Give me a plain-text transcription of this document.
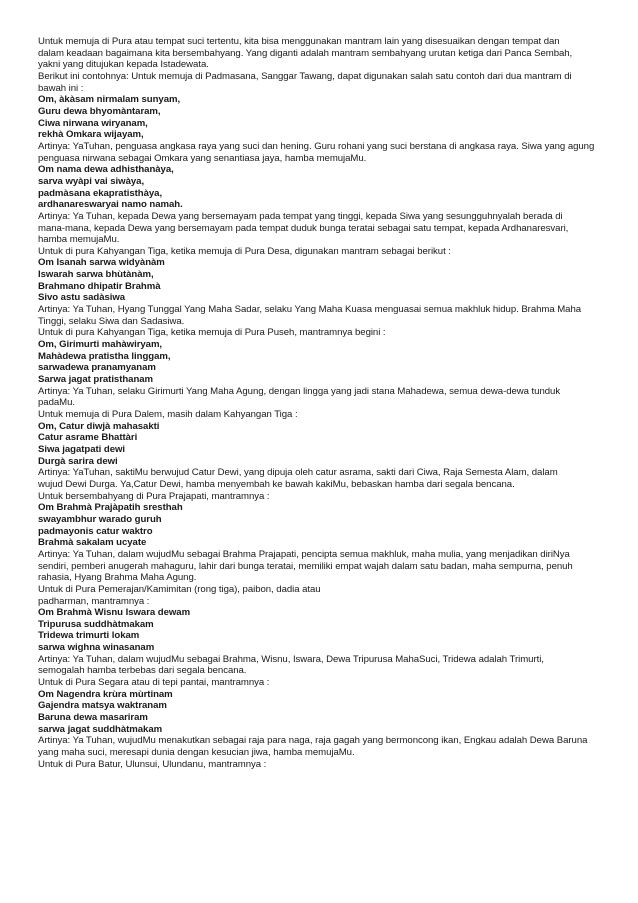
Untuk memuja di Pura atau tempat suci tertentu, kita bisa menggunakan mantram lain yang disesuaikan dengan tempat dan

dalam keadaan bagaimana kita bersembahyang. Yang diganti adalah mantram sembahyang urutan ketiga dari Panca Sembah,

yakni yang ditujukan kepada Istadewata.

Berikut ini contohnya: Untuk memuja di Padmasana, Sanggar Tawang, dapat digunakan salah satu contoh dari dua mantram di

bawah ini :

Om, àkàsam nirmalam sunyam,

Guru dewa bhyomàntaram,

Ciwa nirwana wiryanam,

rekhà Omkara wijayam,

Artinya: YaTuhan, penguasa angkasa raya yang suci dan hening. Guru rohani yang suci berstana di angkasa raya. Siwa yang agung

penguasa nirwana sebagai Omkara yang senantiasa jaya, hamba memujaMu.

Om nama dewa adhisthanàya,

sarva wyàpi vai siwàya,

padmàsana ekapratisthàya,

ardhanareswaryai namo namah.

Artinya: Ya Tuhan, kepada Dewa yang bersemayam pada tempat yang tinggi, kepada Siwa yang sesungguhnyalah berada di

mana-mana, kepada Dewa yang bersemayam pada tempat duduk bunga teratai sebagai satu tempat, kepada Ardhanaresvari,

hamba memujaMu.

Untuk di pura Kahyangan Tiga, ketika memuja di Pura Desa, digunakan mantram sebagai berikut :

Om Isanah sarwa widyànàm

Iswarah sarwa bhùtànàm,

Brahmano dhipatir Brahmà

Sivo astu sadàsiwa

Artinya: Ya Tuhan, Hyang Tunggal Yang Maha Sadar, selaku Yang Maha Kuasa menguasai semua makhluk hidup. Brahma Maha

Tinggi, selaku Siwa dan Sadasiwa.

Untuk di pura Kahyangan Tiga, ketika memuja di Pura Puseh, mantramnya begini :

Om, Girimurti mahàwiryam,

Mahàdewa pratistha linggam,

sarwadewa pranamyanam

Sarwa jagat pratisthanam

Artinya: Ya Tuhan, selaku Girimurti Yang Maha Agung, dengan lingga yang jadi stana Mahadewa, semua dewa-dewa tunduk

padaMu.

Untuk memuja di Pura Dalem, masih dalam Kahyangan Tiga :

Om, Catur diwjà mahasakti

Catur asrame Bhattàri

Siwa jagatpati dewi

Durgà sarira dewi

Artinya: YaTuhan, saktiMu berwujud Catur Dewi, yang dipuja oleh catur asrama, sakti dari Ciwa, Raja Semesta Alam, dalam

wujud Dewi Durga. Ya,Catur Dewi, hamba menyembah ke bawah kakiMu, bebaskan hamba dari segala bencana.

Untuk bersembahyang di Pura Prajapati, mantramnya :

Om Brahmà Prajàpatih sresthah

swayambhur warado guruh

padmayonis catur waktro

Brahmà sakalam ucyate

Artinya: Ya Tuhan, dalam wujudMu sebagai Brahma Prajapati, pencipta semua makhluk, maha mulia, yang menjadikan diriNya

sendiri, pemberi anugerah mahaguru, lahir dari bunga teratai, memiliki empat wajah dalam satu badan, maha sempurna, penuh

rahasia, Hyang Brahma Maha Agung.

Untuk di Pura Pemerajan/Kamimitan (rong tiga), paibon, dadia atau

padharman, mantramnya :

Om Brahmà Wisnu Iswara dewam

Tripurusa suddhàtmakam

Tridewa trimurti lokam

sarwa wighna winasanam

Artinya: Ya Tuhan, dalam wujudMu sebagai Brahma, Wisnu, Iswara, Dewa Tripurusa MahaSuci, Tridewa adalah Trimurti,

semogalah hamba terbebas dari segala bencana.

Untuk di Pura Segara atau di tepi pantai, mantramnya :

Om Nagendra krùra mùrtinam

Gajendra matsya waktranam

Baruna dewa masariram

sarwa jagat suddhàtmakam

Artinya: Ya Tuhan, wujudMu menakutkan sebagai raja para naga, raja gagah yang bermoncong ikan, Engkau adalah Dewa Baruna

yang maha suci, meresapi dunia dengan kesucian jiwa, hamba memujaMu.

Untuk di Pura Batur, Ulunsui, Ulundanu, mantramnya :
